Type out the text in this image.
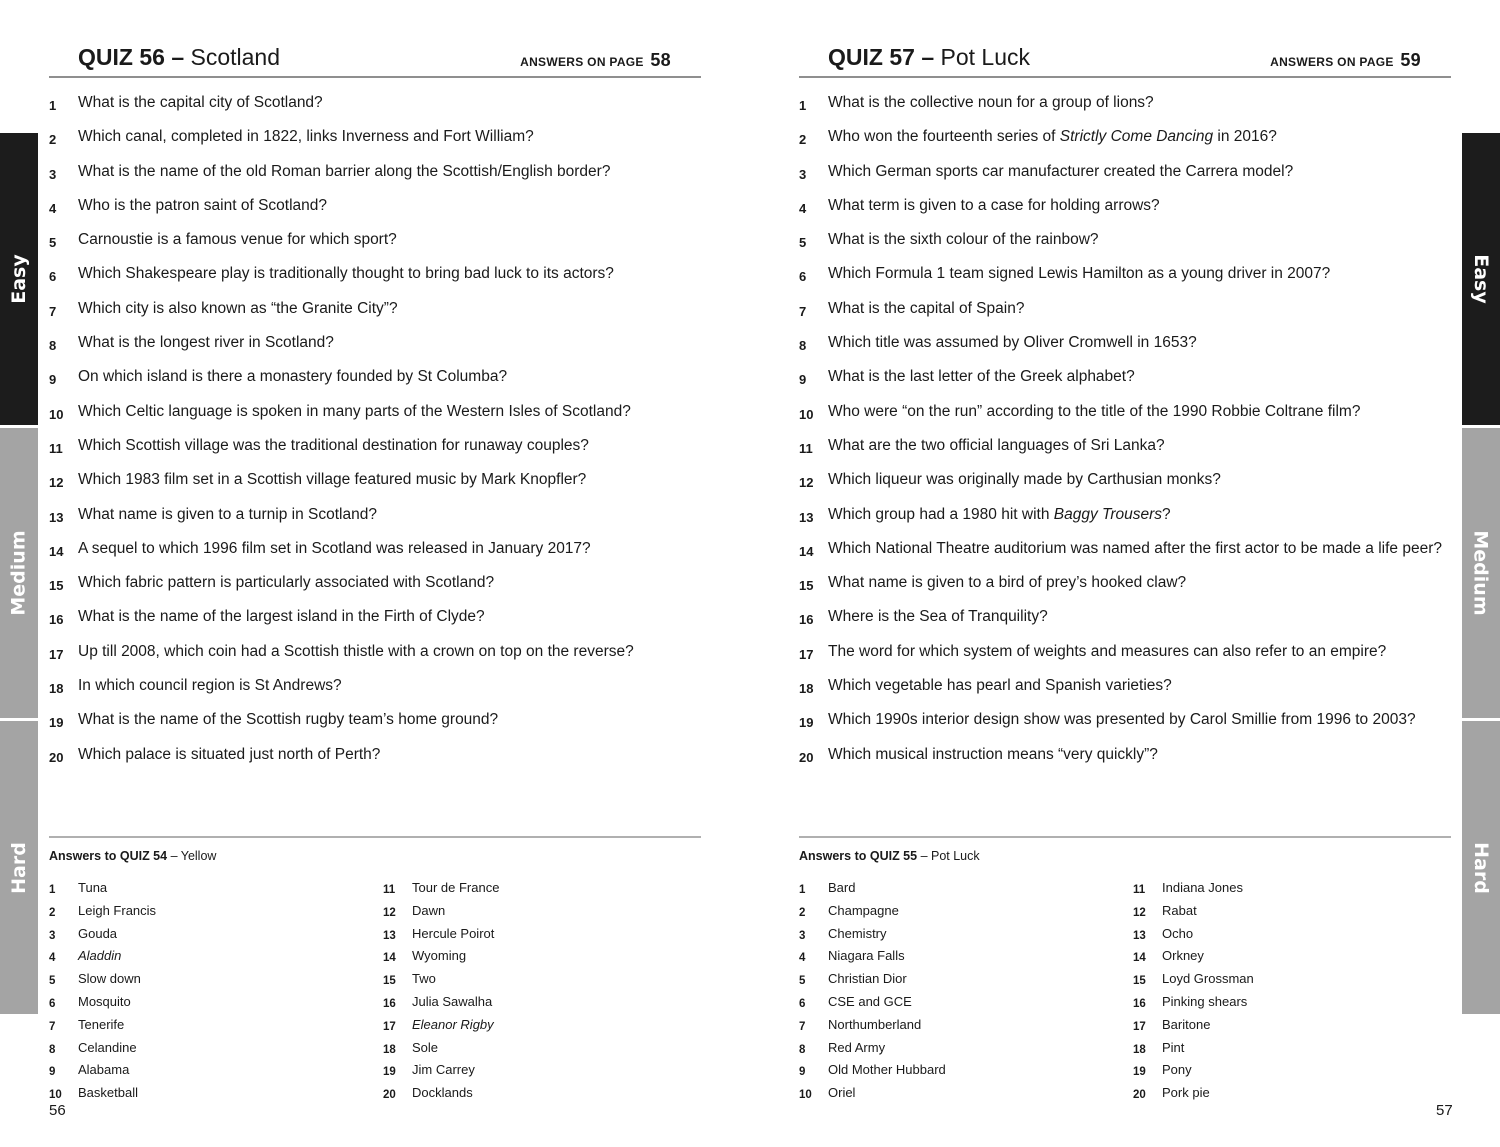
Easy
Medium
Hard
QUIZ 56 – Scotland	ANSWERS ON PAGE 58
1	What is the capital city of Scotland?
2	Which canal, completed in 1822, links Inverness and Fort William?
3	What is the name of the old Roman barrier along the Scottish/English border?
4	Who is the patron saint of Scotland?
5	Carnoustie is a famous venue for which sport?
6	Which Shakespeare play is traditionally thought to bring bad luck to its actors?
7	Which city is also known as “the Granite City”?
8	What is the longest river in Scotland?
9	On which island is there a monastery founded by St Columba?
10 Which Celtic language is spoken in many parts of the Western Isles of Scotland?
11 Which Scottish village was the traditional destination for runaway couples?
12 Which 1983 film set in a Scottish village featured music by Mark Knopfler?
13 What name is given to a turnip in Scotland?
14 A sequel to which 1996 film set in Scotland was released in January 2017?
15 Which fabric pattern is particularly associated with Scotland?
16 What is the name of the largest island in the Firth of Clyde?
17 Up till 2008, which coin had a Scottish thistle with a crown on top on the reverse?
18 In which council region is St Andrews?
19 What is the name of the Scottish rugby team’s home ground?
20 Which palace is situated just north of Perth?
Answers to QUIZ 54 – Yellow
1	Tuna
2	Leigh Francis
3	Gouda
4	Aladdin
5	Slow down
6	Mosquito
7	Tenerife
8	Celandine
9	Alabama
10	Basketball
11	Tour de France
12	Dawn
13	Hercule Poirot
14	Wyoming
15	Two
16	Julia Sawalha
17	Eleanor Rigby
18	Sole
19	Jim Carrey
20	Docklands
56
Easy
Medium
Hard
QUIZ 57 – Pot Luck	ANSWERS ON PAGE 59
1	What is the collective noun for a group of lions?
2	Who won the fourteenth series of Strictly Come Dancing in 2016?
3	Which German sports car manufacturer created the Carrera model?
4	What term is given to a case for holding arrows?
5	What is the sixth colour of the rainbow?
6	Which Formula 1 team signed Lewis Hamilton as a young driver in 2007?
7	What is the capital of Spain?
8	Which title was assumed by Oliver Cromwell in 1653?
9	What is the last letter of the Greek alphabet?
10 Who were “on the run” according to the title of the 1990 Robbie Coltrane film?
11 What are the two official languages of Sri Lanka?
12 Which liqueur was originally made by Carthusian monks?
13 Which group had a 1980 hit with Baggy Trousers?
14 Which National Theatre auditorium was named after the first actor to be made a life peer?
15 What name is given to a bird of prey’s hooked claw?
16 Where is the Sea of Tranquility?
17 The word for which system of weights and measures can also refer to an empire?
18 Which vegetable has pearl and Spanish varieties?
19 Which 1990s interior design show was presented by Carol Smillie from 1996 to 2003?
20 Which musical instruction means “very quickly”?
Answers to QUIZ 55 – Pot Luck
1	Bard
2	Champagne
3	Chemistry
4	Niagara Falls
5	Christian Dior
6	CSE and GCE
7	Northumberland
8	Red Army
9	Old Mother Hubbard
10	Oriel
11	Indiana Jones
12	Rabat
13	Ocho
14	Orkney
15	Loyd Grossman
16	Pinking shears
17	Baritone
18	Pint
19	Pony
20	Pork pie
57
